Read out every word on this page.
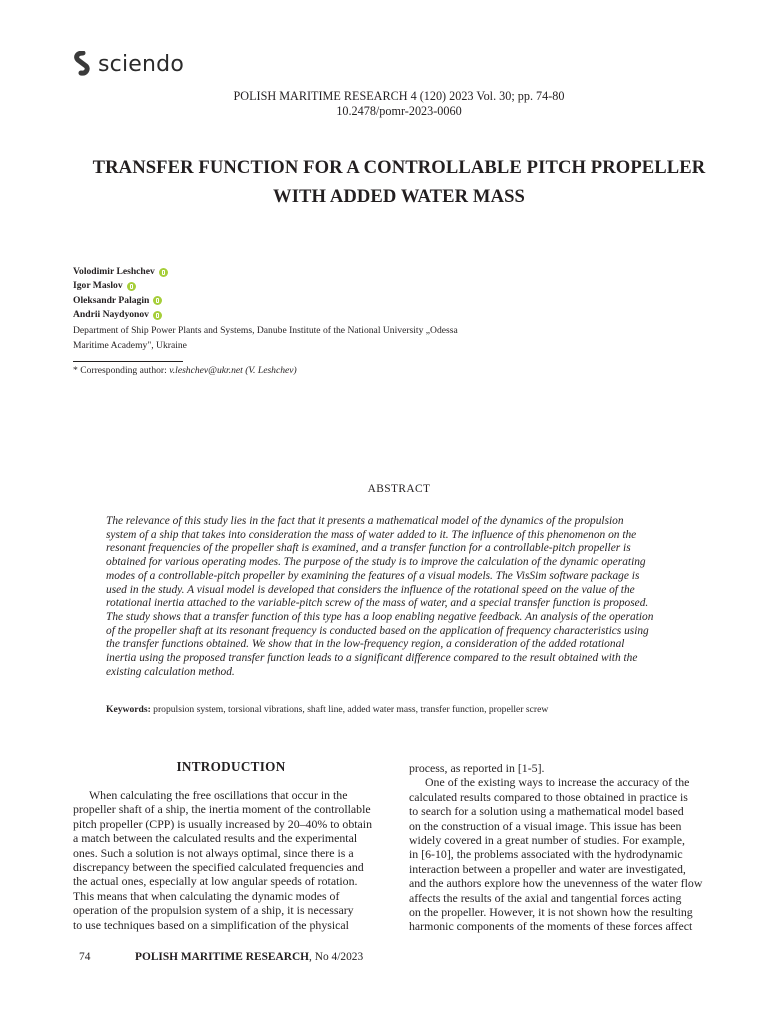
sciendo
POLISH MARITIME RESEARCH 4 (120) 2023 Vol. 30; pp. 74-80
10.2478/pomr-2023-0060
TRANSFER FUNCTION FOR A CONTROLLABLE PITCH PROPELLER
WITH ADDED WATER MASS
Volodimir Leshchev
Igor Maslov
Oleksandr Palagin
Andrii Naydyonov
Department of Ship Power Plants and Systems, Danube Institute of the National University „Odessa
Maritime Academy", Ukraine
* Corresponding author: v.leshchev@ukr.net (V. Leshchev)
ABSTRACT
The relevance of this study lies in the fact that it presents a mathematical model of the dynamics of the propulsion
system of a ship that takes into consideration the mass of water added to it. The influence of this phenomenon on the
resonant frequencies of the propeller shaft is examined, and a transfer function for a controllable-pitch propeller is
obtained for various operating modes. The purpose of the study is to improve the calculation of the dynamic operating
modes of a controllable-pitch propeller by examining the features of a visual models. The VisSim software package is
used in the study. A visual model is developed that considers the influence of the rotational speed on the value of the
rotational inertia attached to the variable-pitch screw of the mass of water, and a special transfer function is proposed.
The study shows that a transfer function of this type has a loop enabling negative feedback. An analysis of the operation
of the propeller shaft at its resonant frequency is conducted based on the application of frequency characteristics using
the transfer functions obtained. We show that in the low-frequency region, a consideration of the added rotational
inertia using the proposed transfer function leads to a significant difference compared to the result obtained with the
existing calculation method.
Keywords: propulsion system, torsional vibrations, shaft line, added water mass, transfer function, propeller screw
INTRODUCTION
When calculating the free oscillations that occur in the
propeller shaft of a ship, the inertia moment of the controllable
pitch propeller (CPP) is usually increased by 20–40% to obtain
a match between the calculated results and the experimental
ones. Such a solution is not always optimal, since there is a
discrepancy between the specified calculated frequencies and
the actual ones, especially at low angular speeds of rotation.
This means that when calculating the dynamic modes of
operation of the propulsion system of a ship, it is necessary
to use techniques based on a simplification of the physical
process, as reported in [1-5].
One of the existing ways to increase the accuracy of the
calculated results compared to those obtained in practice is
to search for a solution using a mathematical model based
on the construction of a visual image. This issue has been
widely covered in a great number of studies. For example,
in [6-10], the problems associated with the hydrodynamic
interaction between a propeller and water are investigated,
and the authors explore how the unevenness of the water flow
affects the results of the axial and tangential forces acting
on the propeller. However, it is not shown how the resulting
harmonic components of the moments of these forces affect
74	POLISH MARITIME RESEARCH, No 4/2023
